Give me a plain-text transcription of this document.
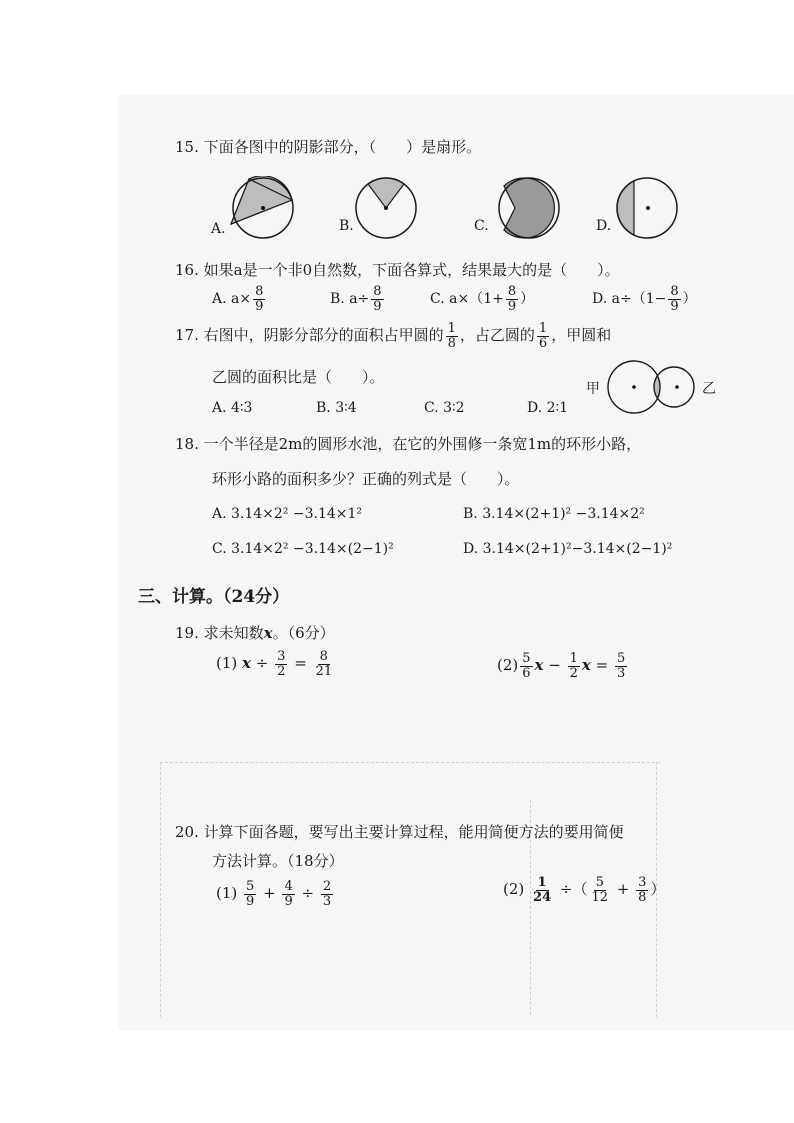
15. 下面各图中的阴影部分，（　　）是扇形。
A.	B.	C.	D.
16. 如果a是一个非0自然数，下面各算式，结果最大的是（　　）。
A. $a\times \frac{8}{9}$	B. $a\div \frac{8}{9}$	C. $a\times(1+ \frac{8}{9}$ ）	D. $a\div(1- \frac{8}{9}$ ）
17. 右图中，阴影分部分的面积占甲圆的 $\frac{1}{8}$ ，占乙圆的 $\frac{1}{6}$ ，甲圆和
乙圆的面积比是（　　）。
A. 4∶3	B. 3∶4	C. 3∶2	D. 2∶1
甲	乙
18. 一个半径是2m的圆形水池，在它的外围修一条宽1m的环形小路，
环形小路的面积多少？正确的列式是（　　）。
A. 3.14×2² −3.14×1²	B. 3.14×(2+1)² −3.14×2²
C. 3.14×2² −3.14×(2−1)²	D. 3.14×(2+1)²−3.14×(2−1)²
三、计算。（24分）
19. 求未知数x。（6分）
(1) $x \div \frac{3}{2} = \frac{8}{21}$	$(2) \frac{5}{6}$ $x - \frac{1}{2}$ $x = \frac{5}{3}$
20. 计算下面各题，要写出主要计算过程，能用简便方法的要用简便
方法计算。（18分）
$(1) \frac{5}{9} + \frac{4}{9} \div \frac{2}{3}$	$(2) \frac{1}{24}$ ÷（ $\frac{5}{12} + \frac{3}{8}$ ）
